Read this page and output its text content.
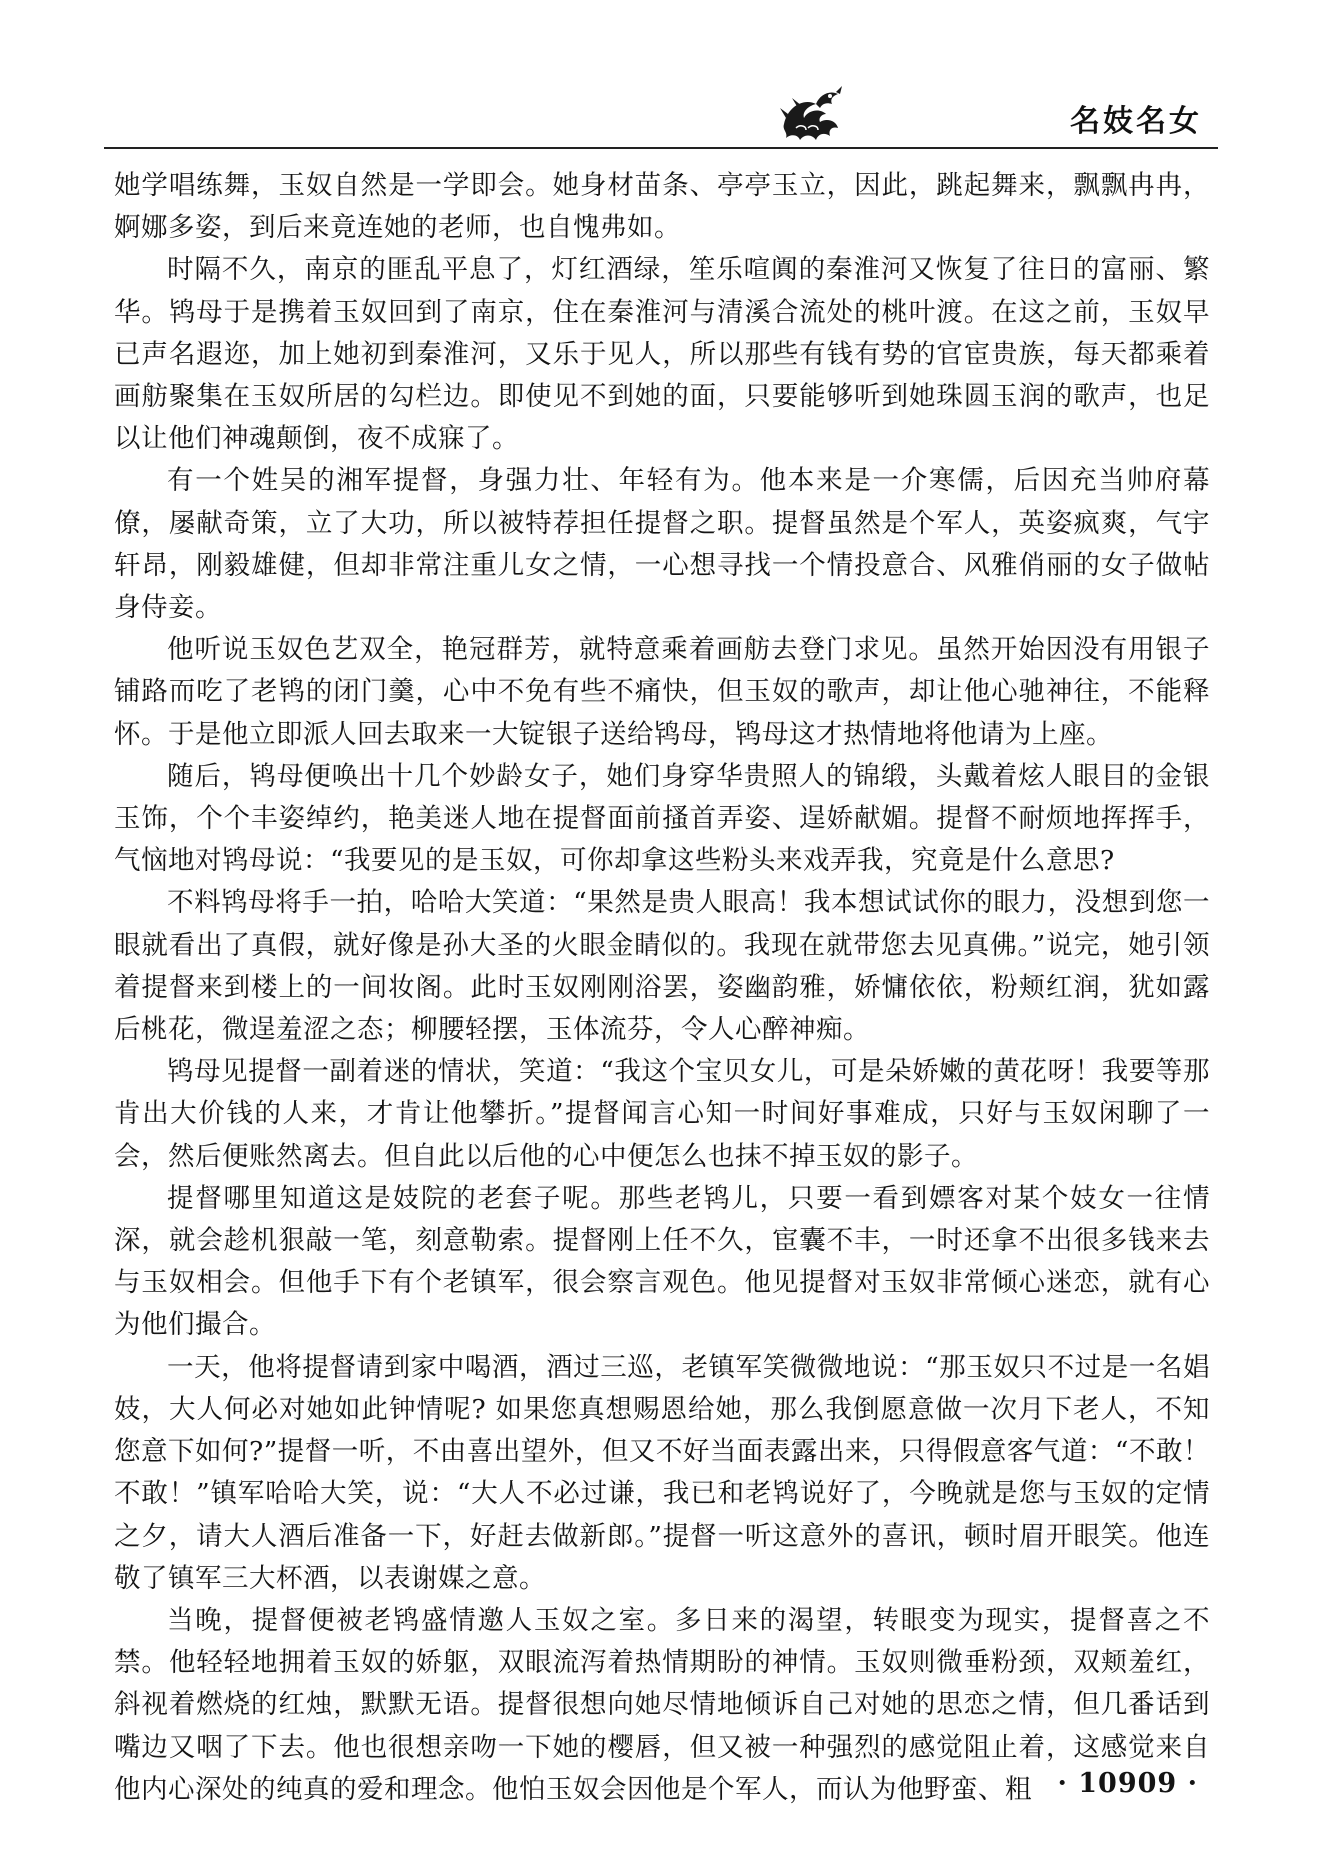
名妓名女

她学唱练舞，玉奴自然是一学即会。她身材苗条、亭亭玉立，因此，跳起舞来，飘飘冉冉，婀娜多姿，到后来竟连她的老师，也自愧弗如。

时隔不久，南京的匪乱平息了，灯红酒绿，笙乐喧阗的秦淮河又恢复了往日的富丽、繁华。鸨母于是携着玉奴回到了南京，住在秦淮河与清溪合流处的桃叶渡。在这之前，玉奴早已声名遐迩，加上她初到秦淮河，又乐于见人，所以那些有钱有势的官宦贵族，每天都乘着画舫聚集在玉奴所居的勾栏边。即使见不到她的面，只要能够听到她珠圆玉润的歌声，也足以让他们神魂颠倒，夜不成寐了。

有一个姓吴的湘军提督，身强力壮、年轻有为。他本来是一介寒儒，后因充当帅府幕僚，屡献奇策，立了大功，所以被特荐担任提督之职。提督虽然是个军人，英姿疯爽，气宇轩昂，刚毅雄健，但却非常注重儿女之情，一心想寻找一个情投意合、风雅俏丽的女子做帖身侍妾。

他听说玉奴色艺双全，艳冠群芳，就特意乘着画舫去登门求见。虽然开始因没有用银子铺路而吃了老鸨的闭门羹，心中不免有些不痛快，但玉奴的歌声，却让他心驰神往，不能释怀。于是他立即派人回去取来一大锭银子送给鸨母，鸨母这才热情地将他请为上座。

随后，鸨母便唤出十几个妙龄女子，她们身穿华贵照人的锦缎，头戴着炫人眼目的金银玉饰，个个丰姿绰约，艳美迷人地在提督面前搔首弄姿、逞娇献媚。提督不耐烦地挥挥手，气恼地对鸨母说：“我要见的是玉奴，可你却拿这些粉头来戏弄我，究竟是什么意思?

不料鸨母将手一拍，哈哈大笑道：“果然是贵人眼高！我本想试试你的眼力，没想到您一眼就看出了真假，就好像是孙大圣的火眼金睛似的。我现在就带您去见真佛。”说完，她引领着提督来到楼上的一间妆阁。此时玉奴刚刚浴罢，姿幽韵雅，娇慵依依，粉颊红润，犹如露后桃花，微逞羞涩之态；柳腰轻摆，玉体流芬，令人心醉神痴。

鸨母见提督一副着迷的情状，笑道：“我这个宝贝女儿，可是朵娇嫩的黄花呀！我要等那肯出大价钱的人来，才肯让他攀折。”提督闻言心知一时间好事难成，只好与玉奴闲聊了一会，然后便账然离去。但自此以后他的心中便怎么也抹不掉玉奴的影子。

提督哪里知道这是妓院的老套子呢。那些老鸨儿，只要一看到嫖客对某个妓女一往情深，就会趁机狠敲一笔，刻意勒索。提督刚上任不久，宦囊不丰，一时还拿不出很多钱来去与玉奴相会。但他手下有个老镇军，很会察言观色。他见提督对玉奴非常倾心迷恋，就有心为他们撮合。

一天，他将提督请到家中喝酒，酒过三巡，老镇军笑微微地说：“那玉奴只不过是一名娼妓，大人何必对她如此钟情呢? 如果您真想赐恩给她，那么我倒愿意做一次月下老人，不知您意下如何?”提督一听，不由喜出望外，但又不好当面表露出来，只得假意客气道：“不敢！不敢！”镇军哈哈大笑，说：“大人不必过谦，我已和老鸨说好了，今晚就是您与玉奴的定情之夕，请大人酒后准备一下，好赶去做新郎。”提督一听这意外的喜讯，顿时眉开眼笑。他连敬了镇军三大杯酒，以表谢媒之意。

当晚，提督便被老鸨盛情邀人玉奴之室。多日来的渴望，转眼变为现实，提督喜之不禁。他轻轻地拥着玉奴的娇躯，双眼流泻着热情期盼的神情。玉奴则微垂粉颈，双颊羞红，斜视着燃烧的红烛，默默无语。提督很想向她尽情地倾诉自己对她的思恋之情，但几番话到嘴边又咽了下去。他也很想亲吻一下她的樱唇，但又被一种强烈的感觉阻止着，这感觉来自他内心深处的纯真的爱和理念。他怕玉奴会因他是个军人，而认为他野蛮、粗 · 10909 ·
